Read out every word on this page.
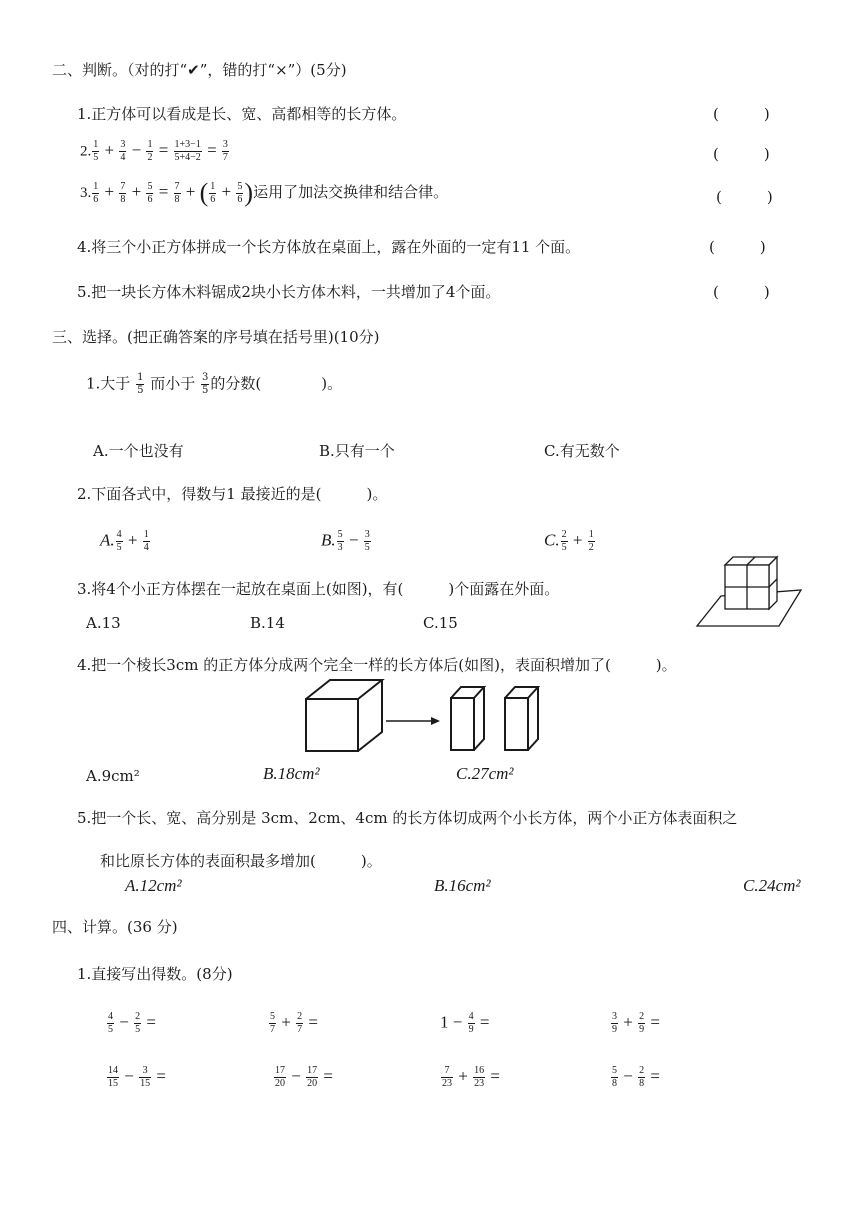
二、判断。（对的打“✔”，错的打“×”）(5分)
1.正方体可以看成是长、宽、高都相等的长方体。	(　　　)
2. $\frac{1}{5} + \frac{3}{4} - \frac{1}{2} = \frac{1+3-1}{5+4-2} = \frac{3}{7}$	(　　　)
3. $\frac{1}{6} + \frac{7}{8} + \frac{5}{6} = \frac{7}{8}$ + ( $\frac{1}{6} + \frac{5}{6}$ )运用了加法交换律和结合律。	(　　　)
4.将三个小正方体拼成一个长方体放在桌面上，露在外面的一定有11 个面。	(　　　)
5.把一块长方体木料锯成2块小长方体木料，一共增加了4个面。	(　　　)
三、选择。(把正确答案的序号填在括号里)(10分)
1.大于 $\frac{1}{5}$ 而小于 $\frac{3}{5}$ 的分数(　　　　)。
A.一个也没有	B.只有一个	C.有无数个
2.下面各式中，得数与1 最接近的是(　　　)。
A. $\frac{4}{5} + \frac{1}{4}$	B. $\frac{5}{3} - \frac{3}{5}$	C. $\frac{2}{5} + \frac{1}{2}$
3.将4个小正方体摆在一起放在桌面上(如图)，有(　　　)个面露在外面。
A.13	B.14	C.15
4.把一个棱长3cm 的正方体分成两个完全一样的长方体后(如图)，表面积增加了(　　　)。
A.9cm²	B.18cm²	C.27cm²
5.把一个长、宽、高分别是 3cm、2cm、4cm 的长方体切成两个小长方体，两个小正方体表面积之
和比原长方体的表面积最多增加(　　　)。
A.12cm²	B.16cm²	C.24cm²
四、计算。(36 分)
1.直接写出得数。(8分)
$\frac{4}{5} - \frac{2}{5}$ =	$\frac{5}{7} + \frac{2}{7}$ =	$1 - \frac{4}{9}$ =	$\frac{3}{9} + \frac{2}{9}$ =
$\frac{14}{15} - \frac{3}{15}$ =	$\frac{17}{20} - \frac{17}{20}$ =	$\frac{7}{23} + \frac{16}{23}$ =	$\frac{5}{8} - \frac{2}{8}$ =
